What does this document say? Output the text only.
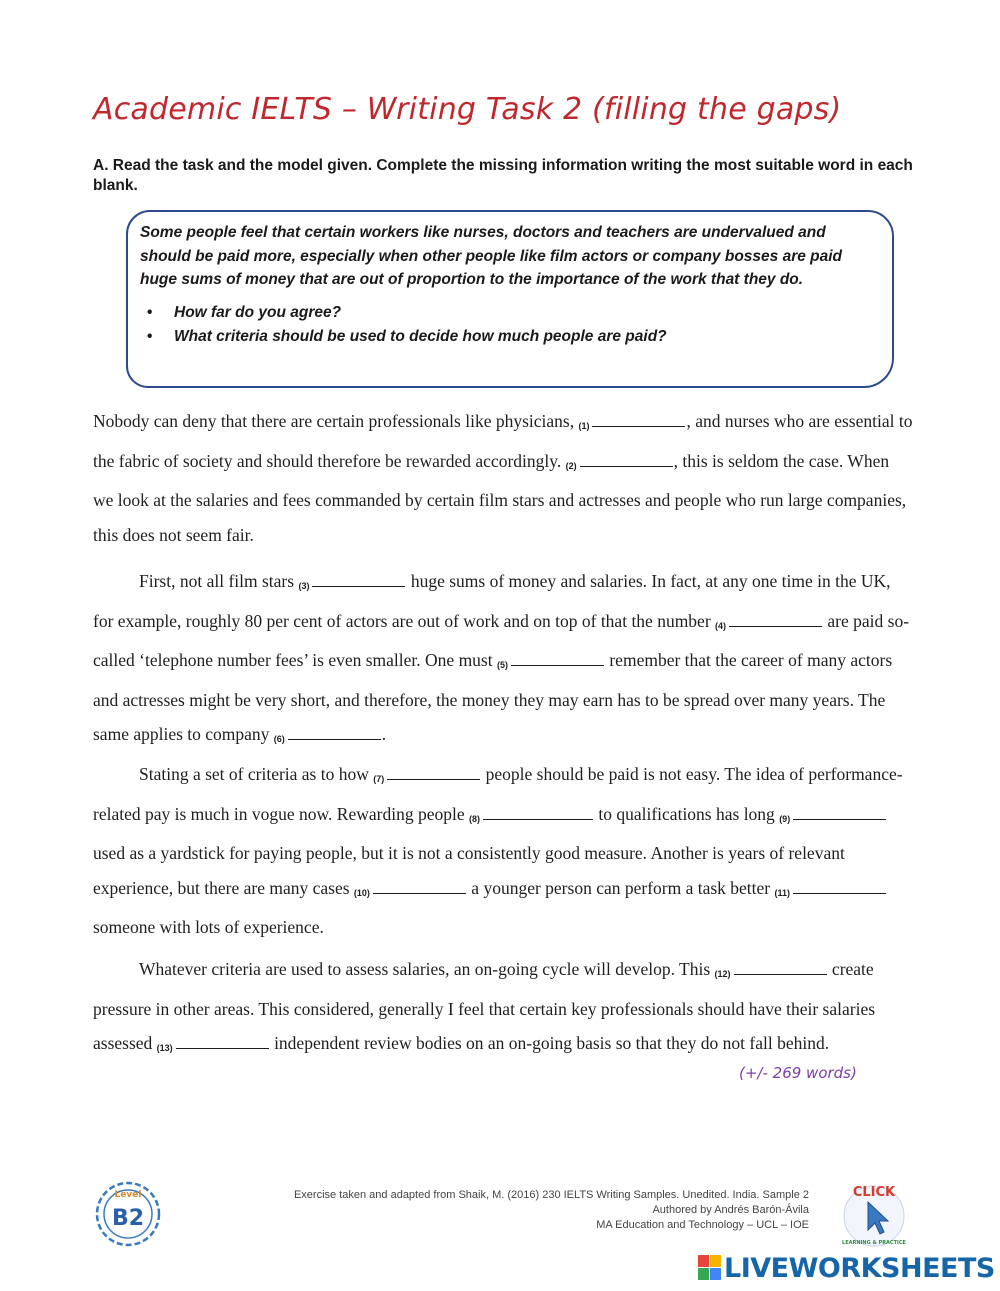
Academic IELTS – Writing Task 2 (filling the gaps)

A. Read the task and the model given. Complete the missing information writing the most suitable word in each blank.

Some people feel that certain workers like nurses, doctors and teachers are undervalued and should be paid more, especially when other people like film actors or company bosses are paid huge sums of money that are out of proportion to the importance of the work that they do.

• How far do you agree?
• What criteria should be used to decide how much people are paid?

Nobody can deny that there are certain professionals like physicians, (1)	, and nurses who are essential to the fabric of society and should therefore be rewarded accordingly. (2)	, this is seldom the case. When we look at the salaries and fees commanded by certain film stars and actresses and people who run large companies, this does not seem fair.

First, not all film stars (3)	huge sums of money and salaries. In fact, at any one time in the UK, for example, roughly 80 per cent of actors are out of work and on top of that the number (4)	are paid so-called ‘telephone number fees’ is even smaller. One must (5)	remember that the career of many actors and actresses might be very short, and therefore, the money they may earn has to be spread over many years. The same applies to company (6)	.

Stating a set of criteria as to how (7)	people should be paid is not easy. The idea of performance-related pay is much in vogue now. Rewarding people (8)	to qualifications has long (9) used as a yardstick for paying people, but it is not a consistently good measure. Another is years of relevant experience, but there are many cases (10)	a younger person can perform a task better (11) someone with lots of experience.

Whatever criteria are used to assess salaries, an on-going cycle will develop. This (12)	create pressure in other areas. This considered, generally I feel that certain key professionals should have their salaries assessed (13)	independent review bodies on an on-going basis so that they do not fall behind.

(+/- 269 words)
Level
B2
Exercise taken and adapted from Shaik, M. (2016) 230 IELTS Writing Samples. Unedited. India. Sample 2
Authored by Andrés Barón-Ávila
MA Education and Technology – UCL – IOE
CLICK
LEARNING & PRACTICE
LIVEWORKSHEETS
